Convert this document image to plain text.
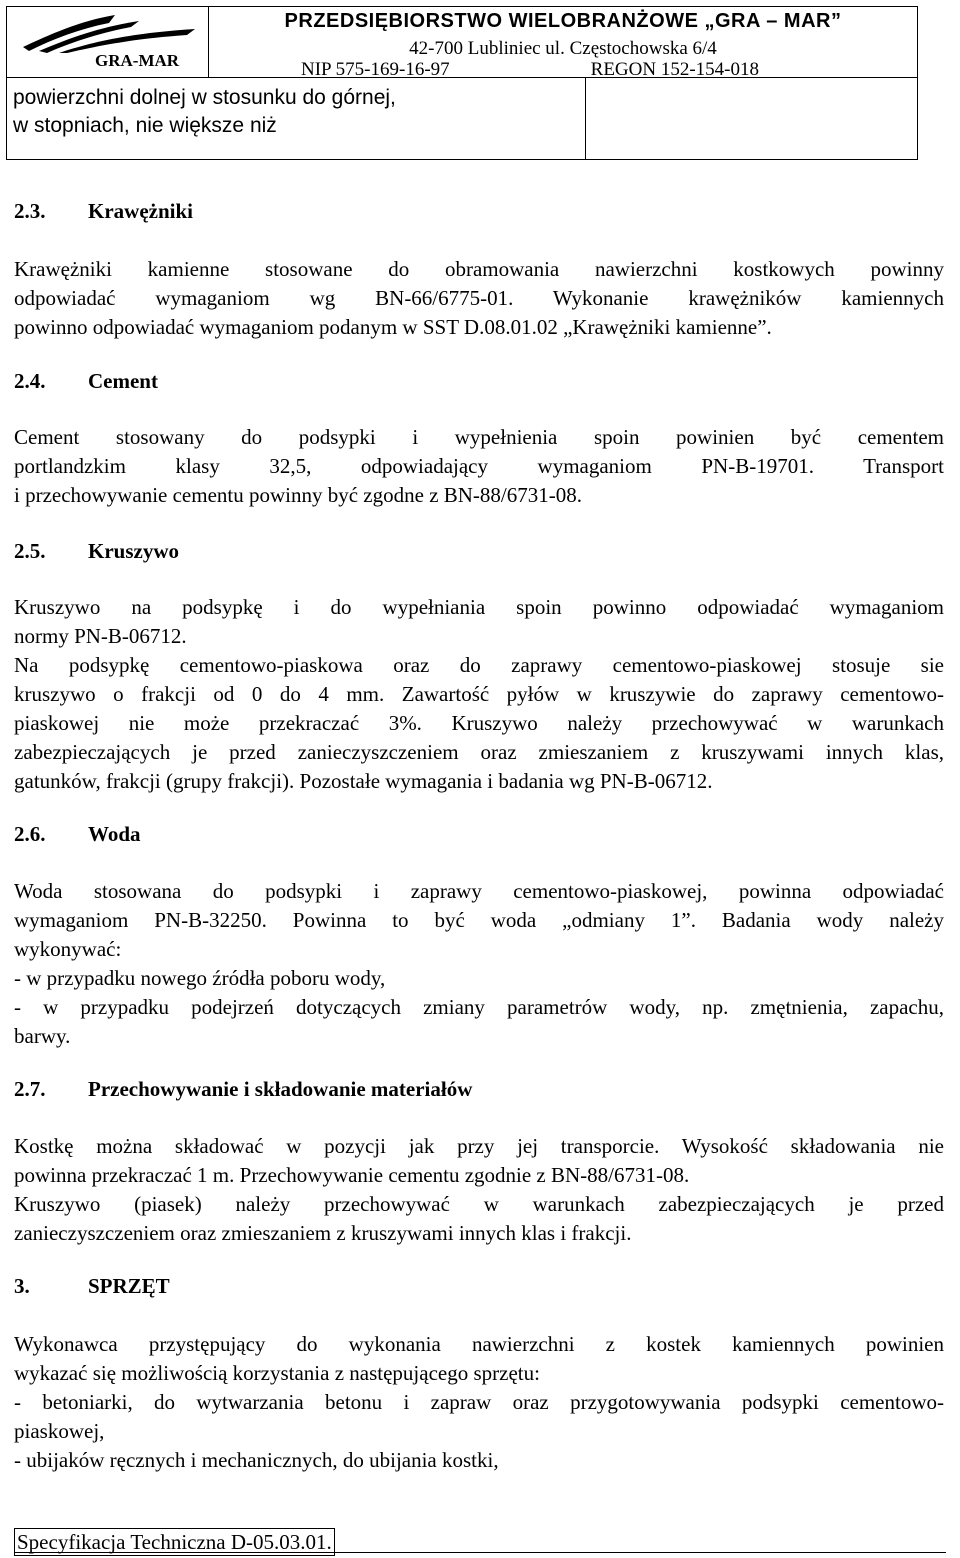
GRA-MAR
PRZEDSIĘBIORSTWO WIELOBRANŻOWE „GRA – MAR”
42-700 Lubliniec ul. Częstochowska 6/4
NIP 575-169-16-97	REGON 152-154-018
powierzchni dolnej w stosunku do górnej,
w stopniach, nie większe niż
2.3. Krawężniki
Krawężniki kamienne stosowane do obramowania nawierzchni kostkowych powinny
odpowiadać wymaganiom wg BN-66/6775-01. Wykonanie krawężników kamiennych
powinno odpowiadać wymaganiom podanym w SST D.08.01.02 „Krawężniki kamienne”.
2.4. Cement
Cement stosowany do podsypki i wypełnienia spoin powinien być cementem
portlandzkim klasy 32,5, odpowiadający wymaganiom PN-B-19701. Transport
i przechowywanie cementu powinny być zgodne z BN-88/6731-08.
2.5. Kruszywo
Kruszywo na podsypkę i do wypełniania spoin powinno odpowiadać wymaganiom
normy PN-B-06712.
Na podsypkę cementowo-piaskowa oraz do zaprawy cementowo-piaskowej stosuje sie
kruszywo o frakcji od 0 do 4 mm. Zawartość pyłów w kruszywie do zaprawy cementowo-
piaskowej nie może przekraczać 3%. Kruszywo należy przechowywać w warunkach
zabezpieczających je przed zanieczyszczeniem oraz zmieszaniem z kruszywami innych klas,
gatunków, frakcji (grupy frakcji). Pozostałe wymagania i badania wg PN-B-06712.
2.6. Woda
Woda stosowana do podsypki i zaprawy cementowo-piaskowej, powinna odpowiadać
wymaganiom PN-B-32250. Powinna to być woda „odmiany 1”. Badania wody należy
wykonywać:
- w przypadku nowego źródła poboru wody,
- w przypadku podejrzeń dotyczących zmiany parametrów wody, np. zmętnienia, zapachu,
barwy.
2.7. Przechowywanie i składowanie materiałów
Kostkę można składować w pozycji jak przy jej transporcie. Wysokość składowania nie
powinna przekraczać 1 m. Przechowywanie cementu zgodnie z BN-88/6731-08.
Kruszywo (piasek) należy przechowywać w warunkach zabezpieczających je przed
zanieczyszczeniem oraz zmieszaniem z kruszywami innych klas i frakcji.
3.	SPRZĘT
Wykonawca przystępujący do wykonania nawierzchni z kostek kamiennych powinien
wykazać się możliwością korzystania z następującego sprzętu:
- betoniarki, do wytwarzania betonu i zapraw oraz przygotowywania podsypki cementowo-
piaskowej,
- ubijaków ręcznych i mechanicznych, do ubijania kostki,
Specyfikacja Techniczna D-05.03.01.
